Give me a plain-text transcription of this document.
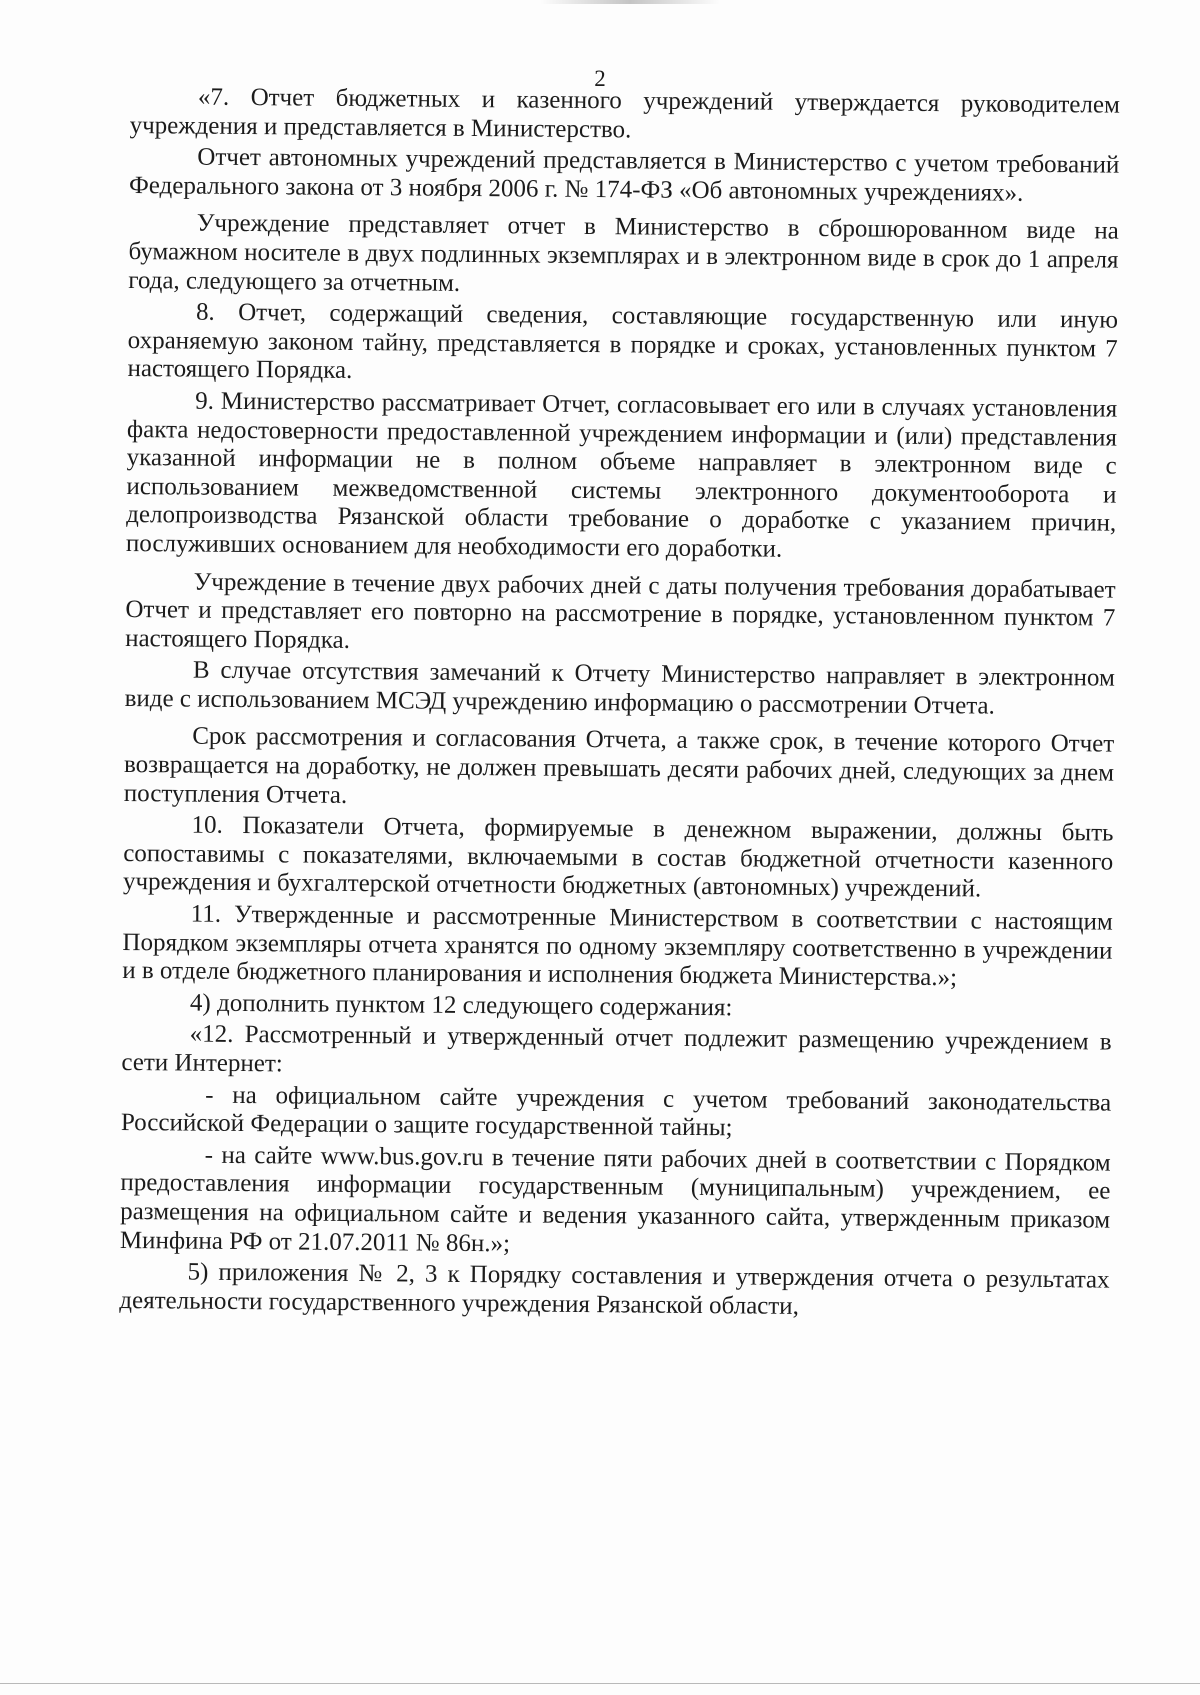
2

«7. Отчет бюджетных и казенного учреждений утверждается руководителем учреждения и представляется в Министерство.

Отчет автономных учреждений представляется в Министерство с учетом требований Федерального закона от 3 ноября 2006 г. № 174-ФЗ «Об автономных учреждениях».

Учреждение представляет отчет в Министерство в сброшюрованном виде на бумажном носителе в двух подлинных экземплярах и в электронном виде в срок до 1 апреля года, следующего за отчетным.

8. Отчет, содержащий сведения, составляющие государственную или иную охраняемую законом тайну, представляется в порядке и сроках, установленных пунктом 7 настоящего Порядка.

9. Министерство рассматривает Отчет, согласовывает его или в случаях установления факта недостоверности предоставленной учреждением информации и (или) представления указанной информации не в полном объеме направляет в электронном виде с использованием межведомственной системы электронного документооборота и делопроизводства Рязанской области требование о доработке с указанием причин, послуживших основанием для необходимости его доработки.

Учреждение в течение двух рабочих дней с даты получения требования дорабатывает Отчет и представляет его повторно на рассмотрение в порядке, установленном пунктом 7 настоящего Порядка.

В случае отсутствия замечаний к Отчету Министерство направляет в электронном виде с использованием МСЭД учреждению информацию о рассмотрении Отчета.

Срок рассмотрения и согласования Отчета, а также срок, в течение которого Отчет возвращается на доработку, не должен превышать десяти рабочих дней, следующих за днем поступления Отчета.

10. Показатели Отчета, формируемые в денежном выражении, должны быть сопоставимы с показателями, включаемыми в состав бюджетной отчетности казенного учреждения и бухгалтерской отчетности бюджетных (автономных) учреждений.

11. Утвержденные и рассмотренные Министерством в соответствии с настоящим Порядком экземпляры отчета хранятся по одному экземпляру соответственно в учреждении и в отделе бюджетного планирования и исполнения бюджета Министерства.»;

4) дополнить пунктом 12 следующего содержания:

«12. Рассмотренный и утвержденный отчет подлежит размещению учреждением в сети Интернет:

- на официальном сайте учреждения с учетом требований законодательства Российской Федерации о защите государственной тайны;

- на сайте www.bus.gov.ru в течение пяти рабочих дней в соответствии с Порядком предоставления информации государственным (муниципальным) учреждением, ее размещения на официальном сайте и ведения указанного сайта, утвержденным приказом Минфина РФ от 21.07.2011 № 86н.»;

5) приложения № 2, 3 к Порядку составления и утверждения отчета о результатах деятельности государственного учреждения Рязанской области,
